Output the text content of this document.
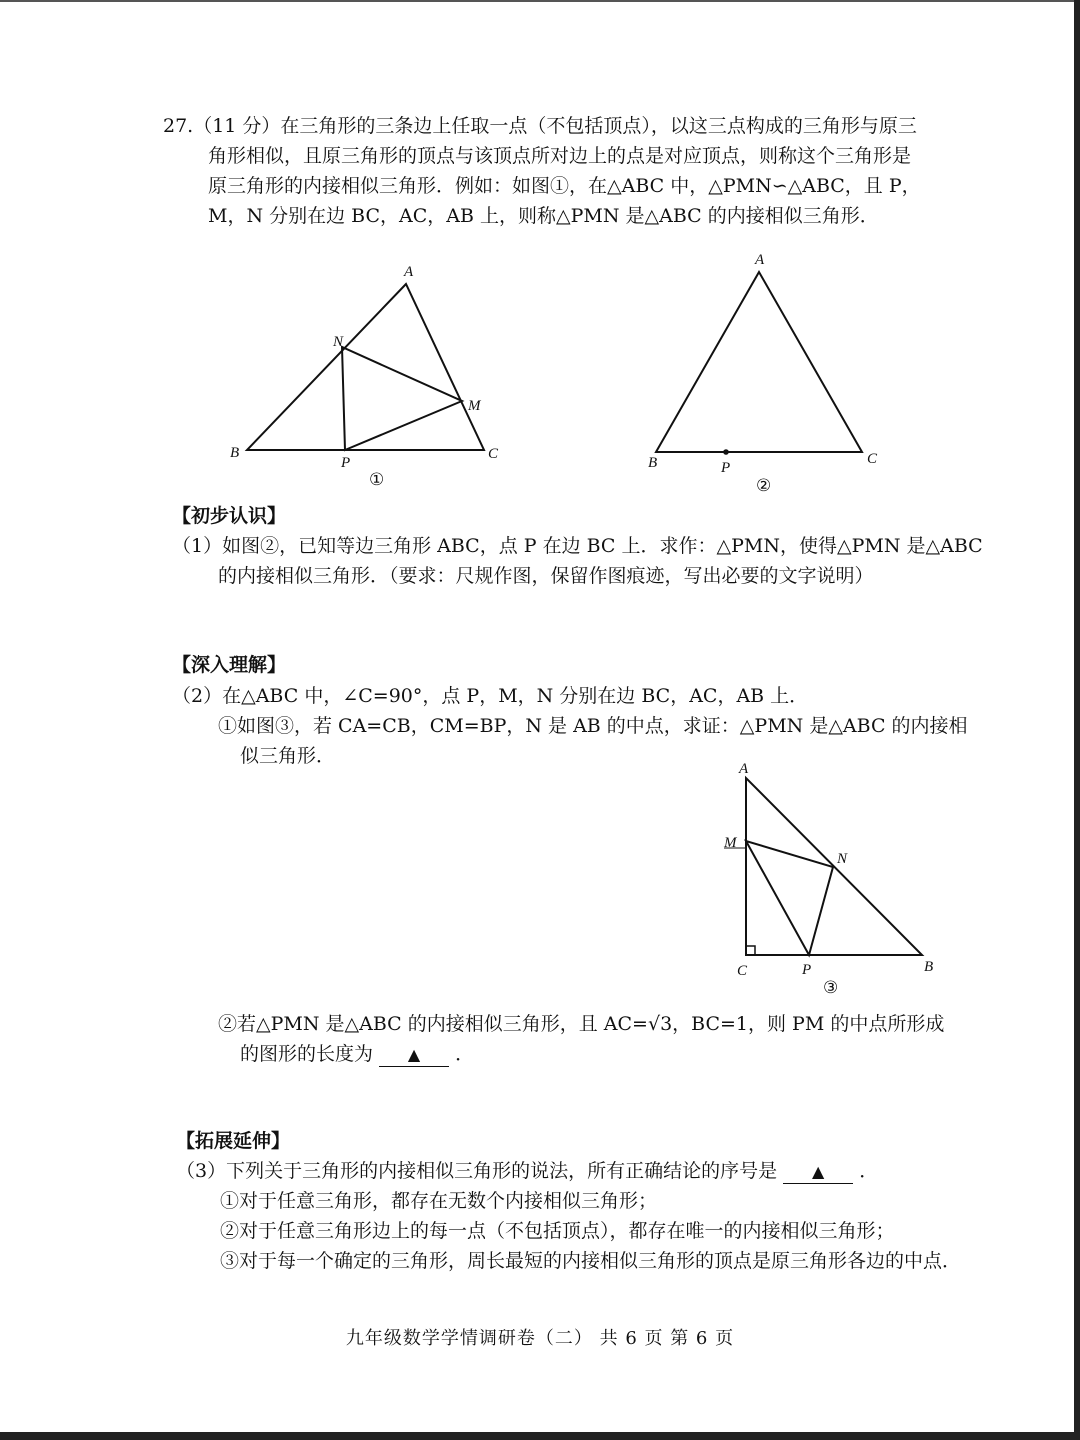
27.（11 分）在三角形的三条边上任取一点（不包括顶点），以这三点构成的三角形与原三
角形相似，且原三角形的顶点与该顶点所对边上的点是对应顶点，则称这个三角形是
原三角形的内接相似三角形．例如：如图①，在△ABC 中，△PMN∽△ABC，且 P，
M，N 分别在边 BC，AC，AB 上，则称△PMN 是△ABC 的内接相似三角形．
A
B	C
P
M
N
①
A
B	C
P
②
A
B
C	P
M
N
③
【初步认识】
（1）如图②，已知等边三角形 ABC，点 P 在边 BC 上．求作：△PMN，使得△PMN 是△ABC
的内接相似三角形．（要求：尺规作图，保留作图痕迹，写出必要的文字说明）
【深入理解】
（2）在△ABC 中，∠C=90°，点 P，M，N 分别在边 BC，AC，AB 上．
①如图③，若 CA=CB，CM=BP，N 是 AB 的中点，求证：△PMN 是△ABC 的内接相
似三角形．
②若△PMN 是△ABC 的内接相似三角形，且 AC=√3，BC=1，则 PM 的中点所形成
的图形的长度为 ▲ ．
【拓展延伸】
（3）下列关于三角形的内接相似三角形的说法，所有正确结论的序号是 ▲ ．
①对于任意三角形，都存在无数个内接相似三角形；
②对于任意三角形边上的每一点（不包括顶点），都存在唯一的内接相似三角形；
③对于每一个确定的三角形，周长最短的内接相似三角形的顶点是原三角形各边的中点．
九年级数学学情调研卷（二） 共 6 页 第 6 页
